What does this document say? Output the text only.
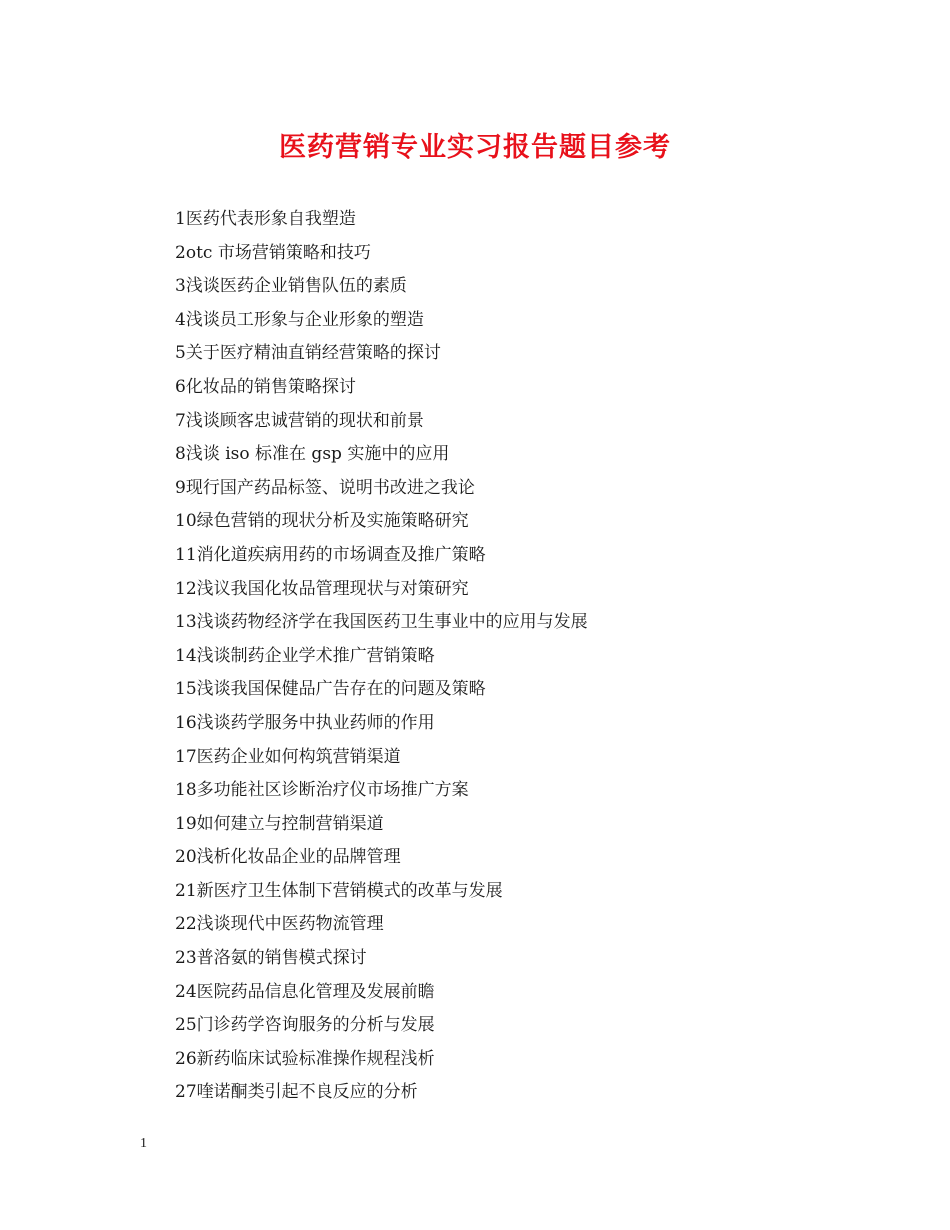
医药营销专业实习报告题目参考
1医药代表形象自我塑造
2otc 市场营销策略和技巧
3浅谈医药企业销售队伍的素质
4浅谈员工形象与企业形象的塑造
5关于医疗精油直销经营策略的探讨
6化妆品的销售策略探讨
7浅谈顾客忠诚营销的现状和前景
8浅谈 iso 标准在 gsp 实施中的应用
9现行国产药品标签、说明书改进之我论
10绿色营销的现状分析及实施策略研究
11消化道疾病用药的市场调查及推广策略
12浅议我国化妆品管理现状与对策研究
13浅谈药物经济学在我国医药卫生事业中的应用与发展
14浅谈制药企业学术推广营销策略
15浅谈我国保健品广告存在的问题及策略
16浅谈药学服务中执业药师的作用
17医药企业如何构筑营销渠道
18多功能社区诊断治疗仪市场推广方案
19如何建立与控制营销渠道
20浅析化妆品企业的品牌管理
21新医疗卫生体制下营销模式的改革与发展
22浅谈现代中医药物流管理
23普洛氨的销售模式探讨
24医院药品信息化管理及发展前瞻
25门诊药学咨询服务的分析与发展
26新药临床试验标准操作规程浅析
27喹诺酮类引起不良反应的分析
1
